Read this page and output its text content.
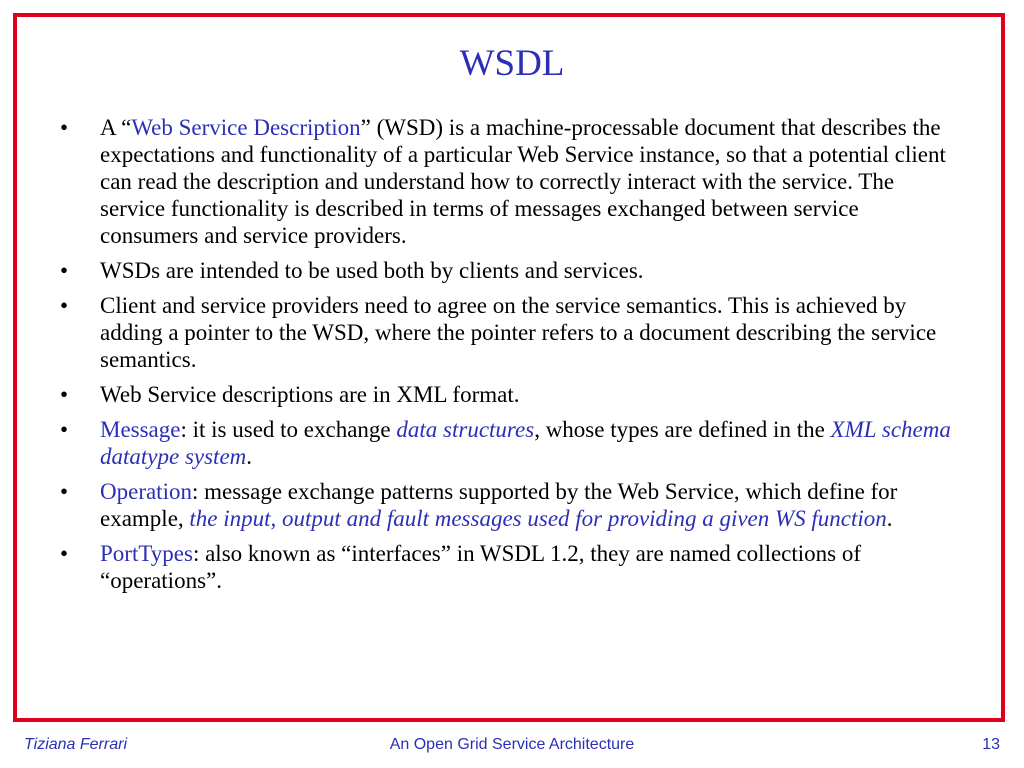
WSDL
•	A “Web Service Description” (WSD) is a machine-processable document that describes the expectations and functionality of a particular Web Service instance, so that a potential client can read the description and understand how to correctly interact with the service. The service functionality is described in terms of messages exchanged between service consumers and service providers.
•	WSDs are intended to be used both by clients and services.
•	Client and service providers need to agree on the service semantics. This is achieved by adding a pointer to the WSD, where the pointer refers to a document describing the service semantics.
•	Web Service descriptions are in XML format.
•	Message: it is used to exchange data structures, whose types are defined in the XML schema datatype system.
•	Operation: message exchange patterns supported by the Web Service, which define for example, the input, output and fault messages used for providing a given WS function.
•	PortTypes: also known as “interfaces” in WSDL 1.2, they are named collections of “operations”.
An Open Grid Service Architecture
Tiziana Ferrari	13
